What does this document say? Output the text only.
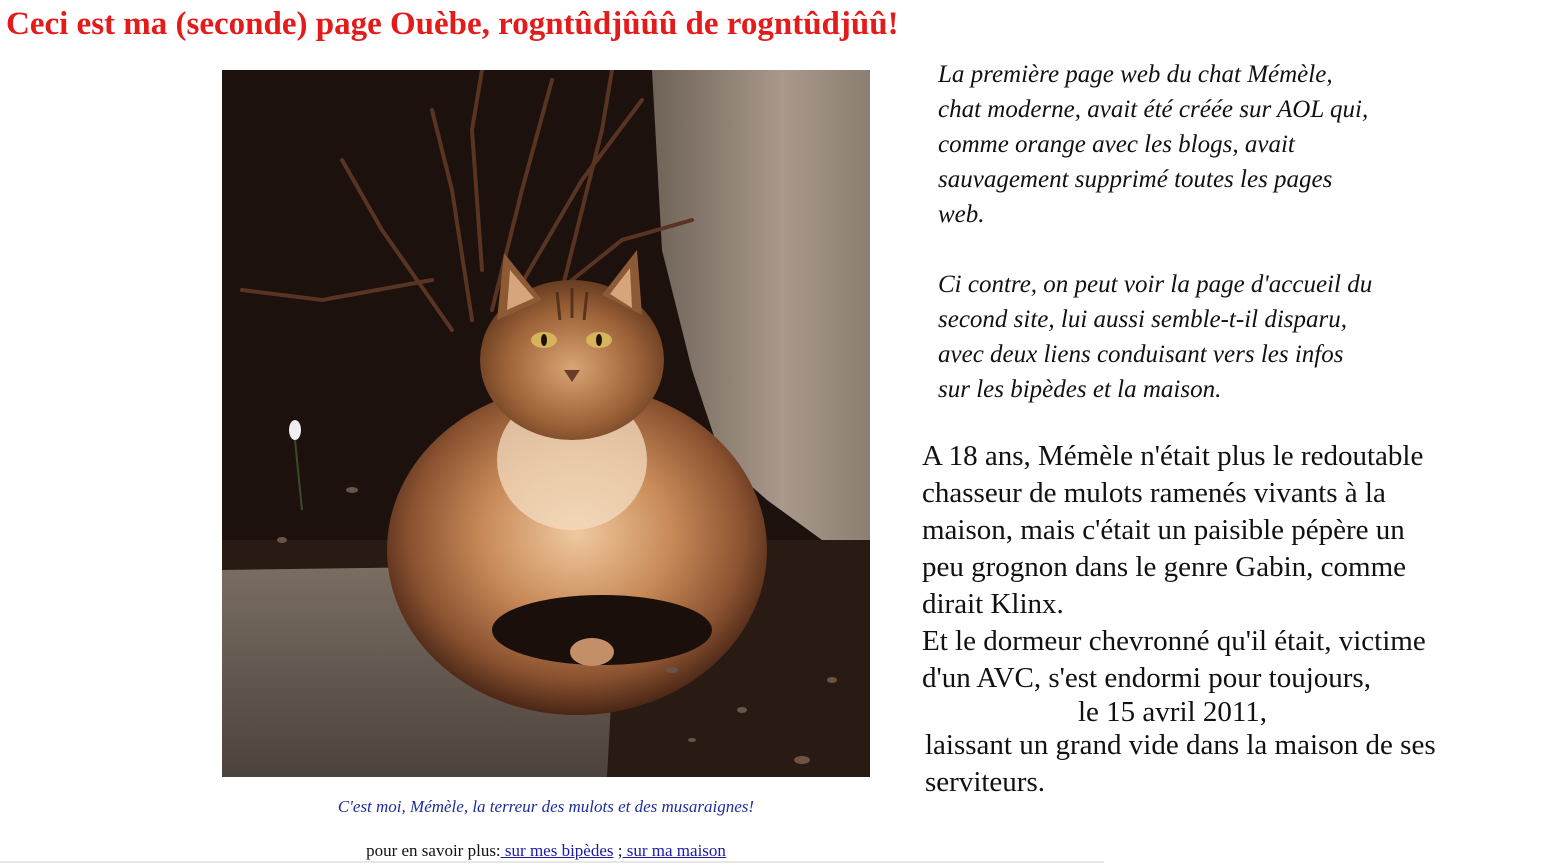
Ceci est ma (seconde) page Ouèbe, rogntûdjûûû de rogntûdjûû!
C'est moi, Mémèle, la terreur des mulots et des musaraignes!
pour en savoir plus: sur mes bipèdes ; sur ma maison

La première page web du chat Mémèle,
chat moderne, avait été créée sur AOL qui,
comme orange avec les blogs, avait
sauvagement supprimé toutes les pages
web.

Ci contre, on peut voir la page d'accueil du
second site, lui aussi semble-t-il disparu,
avec deux liens conduisant vers les infos
sur les bipèdes et la maison.

A 18 ans, Mémèle n'était plus le redoutable
chasseur de mulots ramenés vivants à la
maison, mais c'était un paisible pépère un
peu grognon dans le genre Gabin, comme
dirait Klinx.
Et le dormeur chevronné qu'il était, victime
d'un AVC, s'est endormi pour toujours,

le 15 avril 2011,

laissant un grand vide dans la maison de ses
serviteurs.
